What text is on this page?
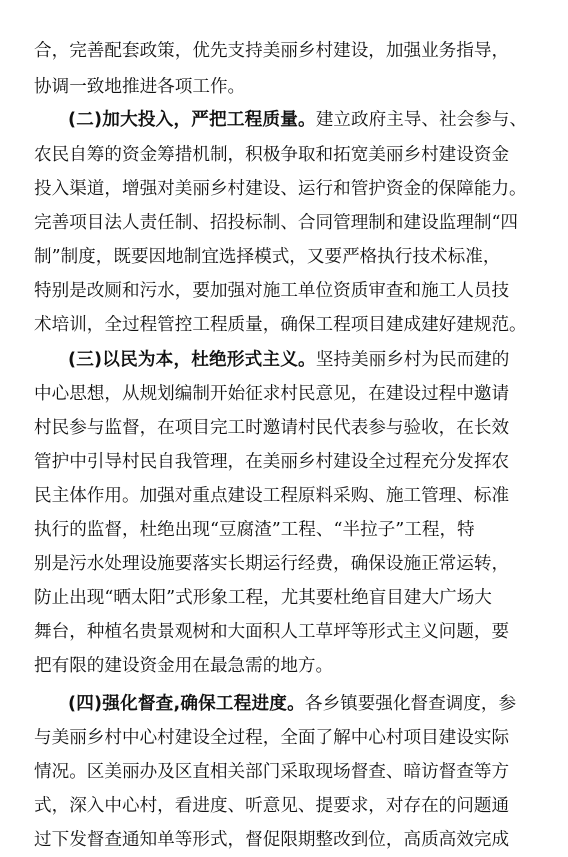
合，完善配套政策，优先支持美丽乡村建设，加强业务指导，
协调一致地推进各项工作。
(二)加大投入，严把工程质量。建立政府主导、社会参与、
农民自筹的资金筹措机制，积极争取和拓宽美丽乡村建设资金
投入渠道，增强对美丽乡村建设、运行和管护资金的保障能力。
完善项目法人责任制、招投标制、合同管理制和建设监理制“四
制”制度，既要因地制宜选择模式，又要严格执行技术标准，
特别是改厕和污水，要加强对施工单位资质审查和施工人员技
术培训，全过程管控工程质量，确保工程项目建成建好建规范。
(三)以民为本，杜绝形式主义。坚持美丽乡村为民而建的
中心思想，从规划编制开始征求村民意见，在建设过程中邀请
村民参与监督，在项目完工时邀请村民代表参与验收，在长效
管护中引导村民自我管理，在美丽乡村建设全过程充分发挥农
民主体作用。加强对重点建设工程原料采购、施工管理、标准
执行的监督，杜绝出现“豆腐渣”工程、“半拉子”工程，特
别是污水处理设施要落实长期运行经费，确保设施正常运转，
防止出现“晒太阳”式形象工程，尤其要杜绝盲目建大广场大
舞台，种植名贵景观树和大面积人工草坪等形式主义问题，要
把有限的建设资金用在最急需的地方。
(四)强化督查,确保工程进度。各乡镇要强化督查调度，参
与美丽乡村中心村建设全过程，全面了解中心村项目建设实际
情况。区美丽办及区直相关部门采取现场督查、暗访督查等方
式，深入中心村，看进度、听意见、提要求，对存在的问题通
过下发督查通知单等形式，督促限期整改到位，高质高效完成
